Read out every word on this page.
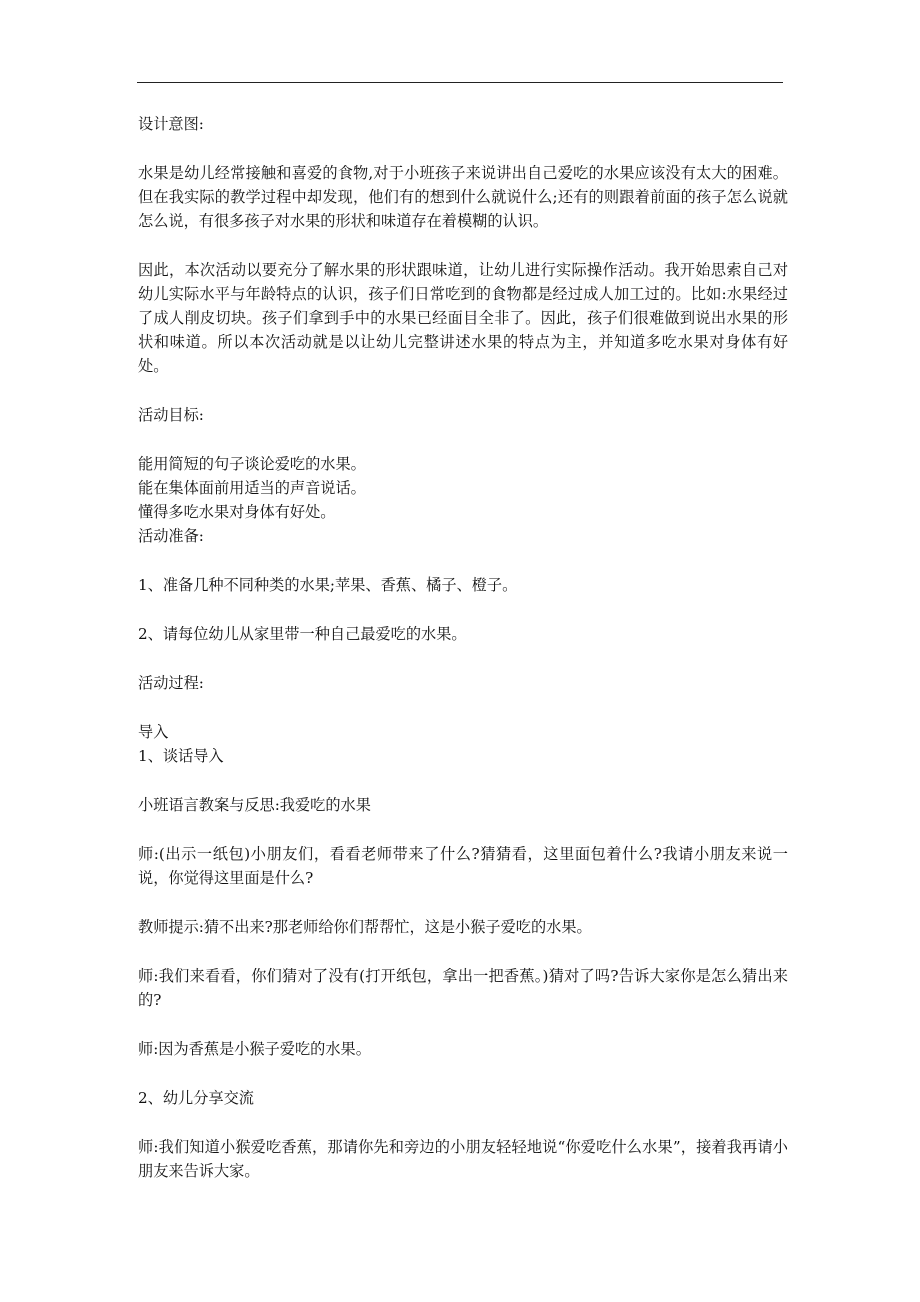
设计意图:

水果是幼儿经常接触和喜爱的食物,对于小班孩子来说讲出自己爱吃的水果应该没有太大的困难。但在我实际的教学过程中却发现，他们有的想到什么就说什么;还有的则跟着前面的孩子怎么说就怎么说，有很多孩子对水果的形状和味道存在着模糊的认识。

因此，本次活动以要充分了解水果的形状跟味道，让幼儿进行实际操作活动。我开始思索自己对幼儿实际水平与年龄特点的认识，孩子们日常吃到的食物都是经过成人加工过的。比如:水果经过了成人削皮切块。孩子们拿到手中的水果已经面目全非了。因此，孩子们很难做到说出水果的形状和味道。所以本次活动就是以让幼儿完整讲述水果的特点为主，并知道多吃水果对身体有好处。

活动目标:

能用简短的句子谈论爱吃的水果。

能在集体面前用适当的声音说话。

懂得多吃水果对身体有好处。

活动准备:

1、准备几种不同种类的水果;苹果、香蕉、橘子、橙子。

2、请每位幼儿从家里带一种自己最爱吃的水果。

活动过程:

导入

1、谈话导入

小班语言教案与反思:我爱吃的水果

师:(出示一纸包)小朋友们，看看老师带来了什么?猜猜看，这里面包着什么?我请小朋友来说一说，你觉得这里面是什么?

教师提示:猜不出来?那老师给你们帮帮忙，这是小猴子爱吃的水果。

师:我们来看看，你们猜对了没有(打开纸包，拿出一把香蕉。)猜对了吗?告诉大家你是怎么猜出来的?

师:因为香蕉是小猴子爱吃的水果。

2、幼儿分享交流

师:我们知道小猴爱吃香蕉，那请你先和旁边的小朋友轻轻地说“你爱吃什么水果”，接着我再请小朋友来告诉大家。
